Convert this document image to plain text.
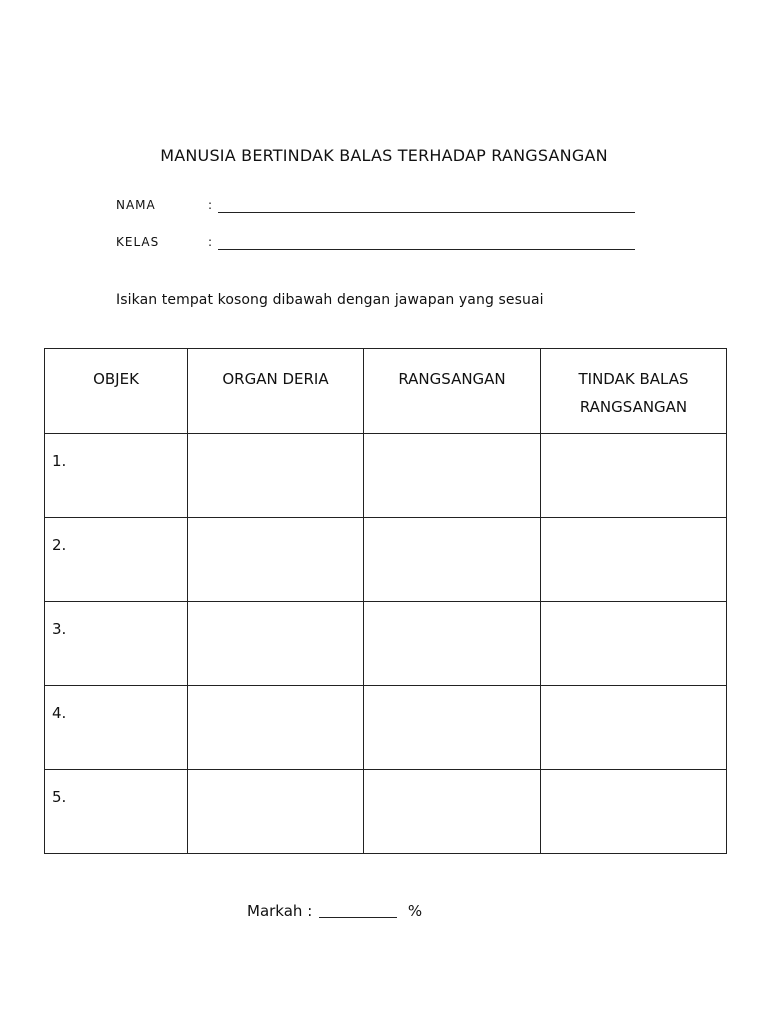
MANUSIA BERTINDAK BALAS TERHADAP RANGSANGAN
NAMA	:
KELAS	:
Isikan tempat kosong dibawah dengan jawapan yang sesuai
OBJEK	ORGAN DERIA	RANGSANGAN	TINDAK BALAS RANGSANGAN
1.			
2.			
3.			
4.			
5.			
Markah :	%
